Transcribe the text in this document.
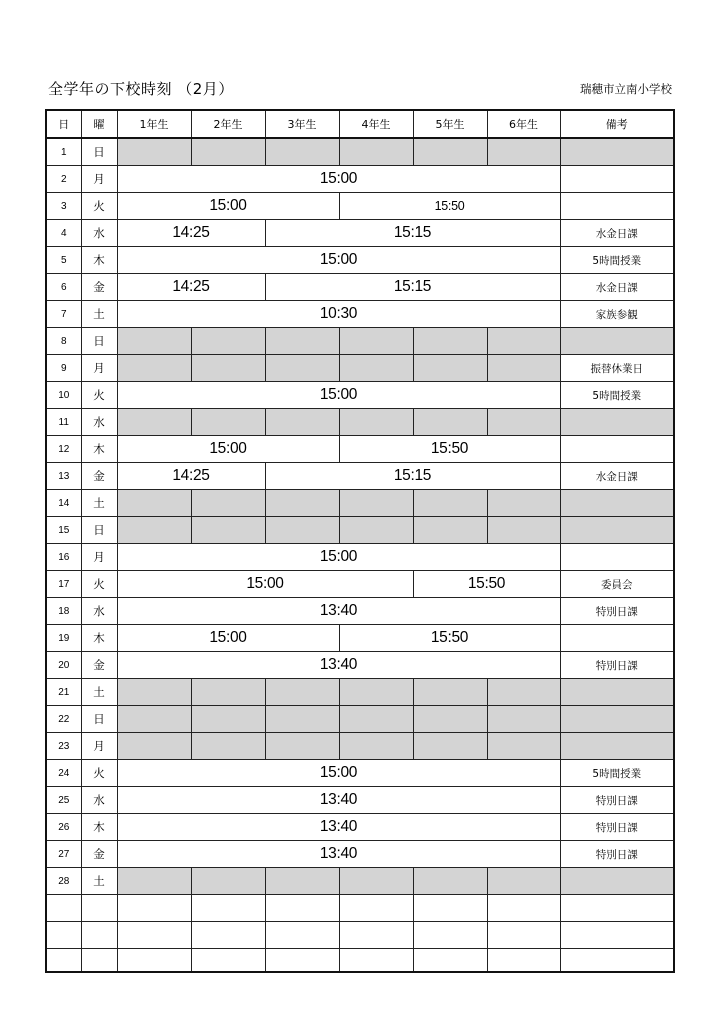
全学年の下校時刻 （2月）	瑞穂市立南小学校
日	曜	1年生	2年生	3年生	4年生	5年生	6年生	備考
1	日							
2	月	15:00						
3	火	15:00			15:50			
4	水	14:25		15:15				水金日課
5	木	15:00						5時間授業
6	金	14:25		15:15				水金日課
7	土	10:30						家族参観
8	日							
9	月							振替休業日
10	火	15:00						5時間授業
11	水							
12	木	15:00			15:50			
13	金	14:25		15:15				水金日課
14	土							
15	日							
16	月	15:00						
17	火	15:00				15:50		委員会
18	水	13:40						特別日課
19	木	15:00			15:50			
20	金	13:40						特別日課
21	土							
22	日							
23	月							
24	火	15:00						5時間授業
25	水	13:40						特別日課
26	木	13:40						特別日課
27	金	13:40						特別日課
28	土							
